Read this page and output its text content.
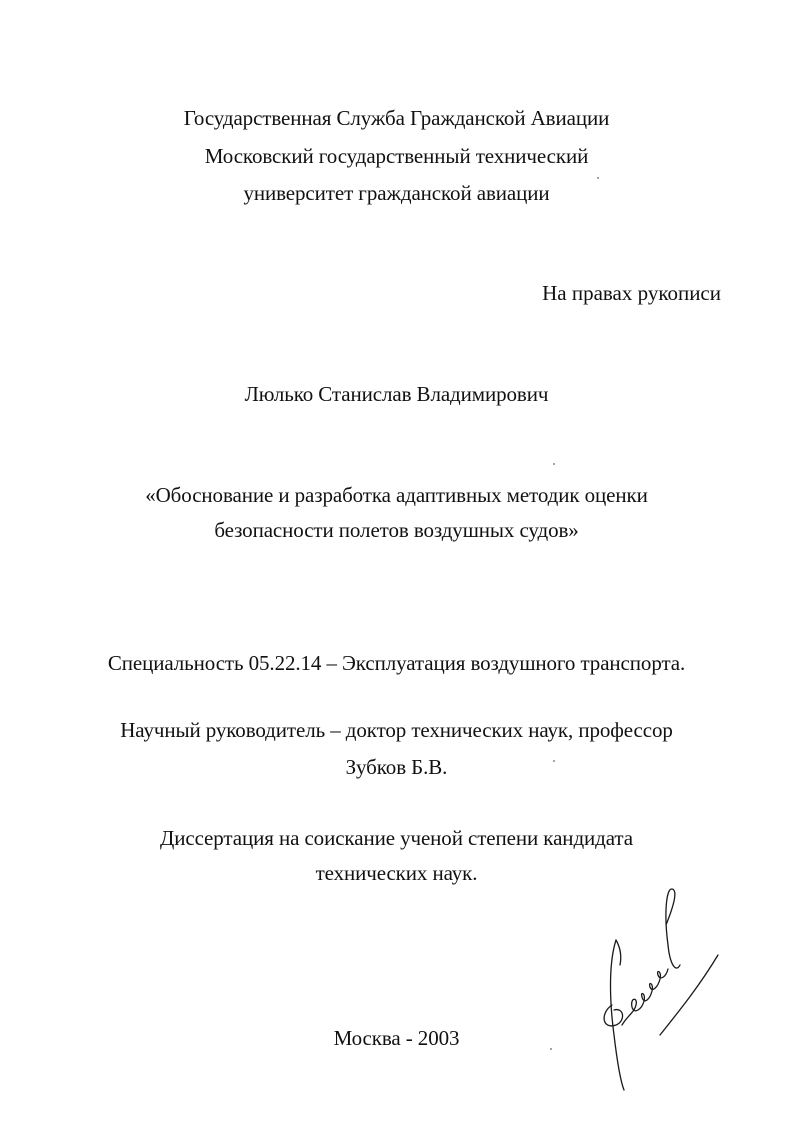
Государственная Служба Гражданской Авиации
Московский государственный технический
университет гражданской авиации
На правах рукописи
Люлько Станислав Владимирович
«Обоснование и разработка адаптивных методик оценки
безопасности полетов воздушных судов»
Специальность 05.22.14 – Эксплуатация воздушного транспорта.
Научный руководитель – доктор технических наук, профессор
Зубков Б.В.
Диссертация на соискание ученой степени кандидата
технических наук.
Москва - 2003
